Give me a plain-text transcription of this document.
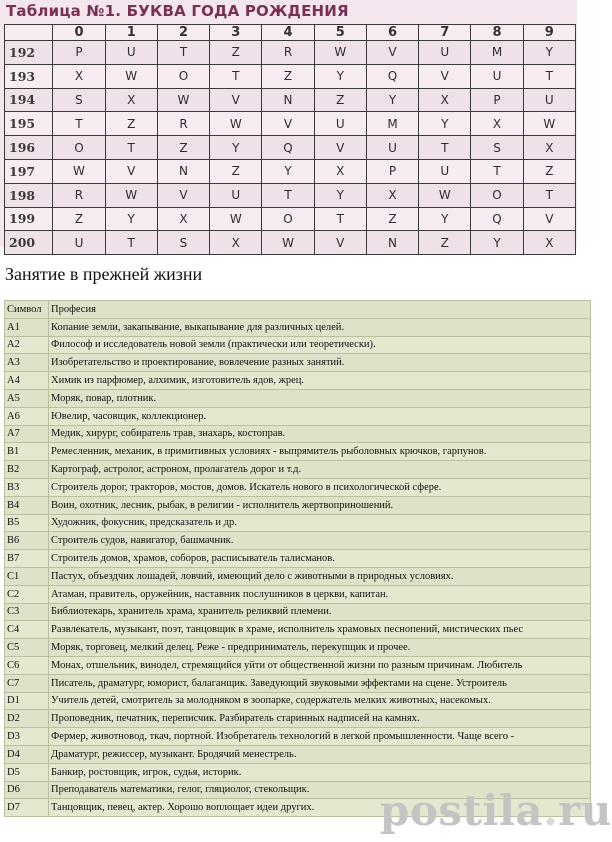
Таблица №1. БУКВА ГОДА РОЖДЕНИЯ
	0	1	2	3	4	5	6	7	8	9
192	P	U	T	Z	R	W	V	U	M	Y
193	X	W	O	T	Z	Y	Q	V	U	T
194	S	X	W	V	N	Z	Y	X	P	U
195	T	Z	R	W	V	U	M	Y	X	W
196	O	T	Z	Y	Q	V	U	T	S	X
197	W	V	N	Z	Y	X	P	U	T	Z
198	R	W	V	U	T	Y	X	W	O	T
199	Z	Y	X	W	O	T	Z	Y	Q	V
200	U	T	S	X	W	V	N	Z	Y	X
Занятие в прежней жизни
Символ	Професия
A1	Копание земли, закапывание, выкапывание для различных целей.
A2	Философ и исследователь новой земли (практически или теоретически).
A3	Изобретательство и проектирование, вовлечение разных занятий.
A4	Химик из парфюмер, алхимик, изготовитель ядов, жрец.
A5	Моряк, повар, плотник.
A6	Ювелир, часовщик, коллекционер.
A7	Медик, хирург, собиратель трав, знахарь, костоправ.
B1	Ремесленник, механик, в примитивных условиях - выпрямитель рыболовных крючков, гарпунов.
B2	Картограф, астролог, астроном, пролагатель дорог и т.д.
B3	Строитель дорог, тракторов, мостов, домов. Искатель нового в психологической сфере.
B4	Воин, охотник, лесник, рыбак, в религии - исполнитель жертвоприношений.
B5	Художник, фокусник, предсказатель и др.
B6	Строитель судов, навигатор, башмачник.
B7	Строитель домов, храмов, соборов, расписыватель талисманов.
C1	Пастух, объездчик лошадей, ловчий, имеющий дело с животными в природных условиях.
C2	Атаман, правитель, оружейник, наставник послушников в церкви, капитан.
C3	Библиотекарь, хранитель храма, хранитель реликвий племени.
C4	Развлекатель, музыкант, поэт, танцовщик в храме, исполнитель храмовых песнопений, мистических пьес
C5	Моряк, торговец, мелкий делец. Реже - предприниматель, перекупщик и прочее.
C6	Монах, отшельник, винодел, стремящийся уйти от общественной жизни по разным причинам. Любитель
C7	Писатель, драматург, юморист, балаганщик. Заведующий звуковыми эффектами на сцене. Устроитель
D1	Учитель детей, смотритель за молодняком в зоопарке, содержатель мелких животных, насекомых.
D2	Проповедник, печатник, переписчик. Разбиратель старинных надписей на камнях.
D3	Фермер, животновод, ткач, портной. Изобретатель технологий в легкой промышленности. Чаще всего -
D4	Драматург, режиссер, музыкант. Бродячий менестрель.
D5	Банкир, ростовщик, игрок, судья, историк.
D6	Преподаватель математики, гелог, гляциолог, стекольщик.
D7	Танцовщик, певец, актер. Хорошо воплощает идеи других. postila.ru
